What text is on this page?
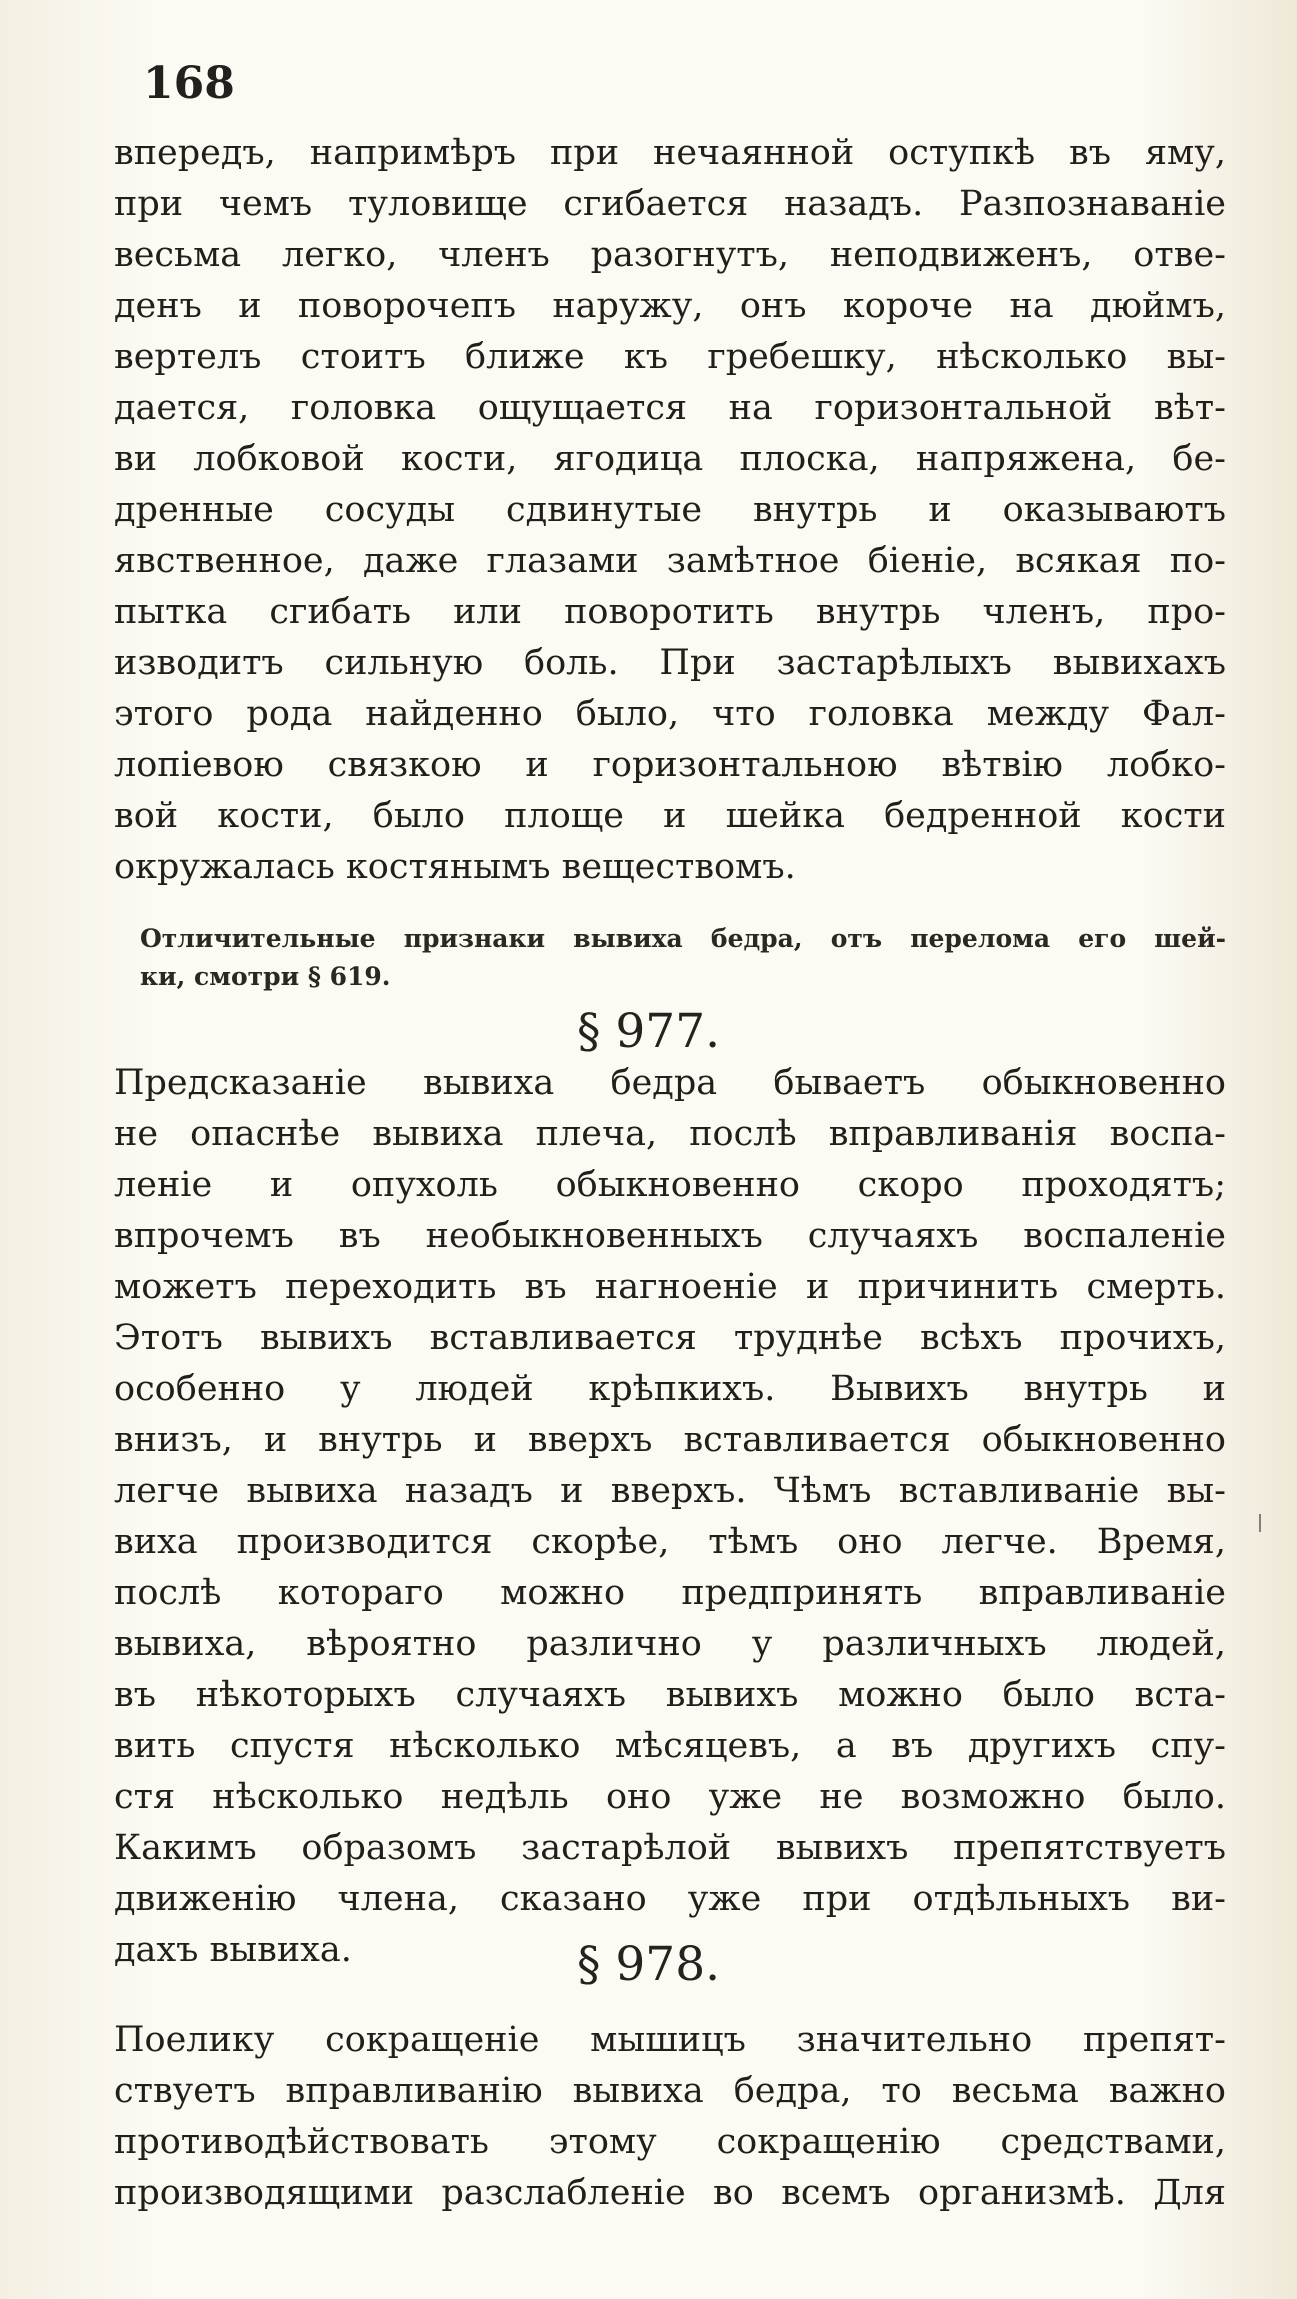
168
впередъ, напримѣръ при нечаянной оступкѣ въ яму,
при чемъ туловище сгибается назадъ. Разпознаванiе
весьма легко, членъ разогнутъ, неподвиженъ, отве-
денъ и поворочепъ наружу, онъ короче на дюймъ,
вертелъ стоитъ ближе къ гребешку, нѣсколько вы-
дается, головка ощущается на горизонтальной вѣт-
ви лобковой кости, ягодица плоска, напряжена, бе-
дренные сосуды сдвинутые внутрь и оказываютъ
явственное, даже глазами замѣтное бiенiе, всякая по-
пытка сгибать или поворотить внутрь членъ, про-
изводитъ сильную боль. При застарѣлыхъ вывихахъ
этого рода найденно было, что головка между Фал-
лопiевою связкою и горизонтальною вѣтвiю лобко-
вой кости, было площе и шейка бедренной кости
окружалась костянымъ веществомъ.
Отличительные признаки вывиха бедра, отъ перелома его шей-
ки, смотри § 619.
§ 977.
Предсказанiе вывиха бедра бываетъ обыкновенно
не опаснѣе вывиха плеча, послѣ вправливанiя воспа-
ленiе и опухоль обыкновенно скоро проходятъ;
впрочемъ въ необыкновенныхъ случаяхъ воспаленiе
можетъ переходить въ нагноенiе и причинить смерть.
Этотъ вывихъ вставливается труднѣе всѣхъ прочихъ,
особенно у людей крѣпкихъ. Вывихъ внутрь и
внизъ, и внутрь и вверхъ вставливается обыкновенно
легче вывиха назадъ и вверхъ. Чѣмъ вставливанiе вы-
виха производится скорѣе, тѣмъ оно легче. Время,
послѣ котораго можно предпринять вправливанiе
вывиха, вѣроятно различно у различныхъ людей,
въ нѣкоторыхъ случаяхъ вывихъ можно было вста-
вить спустя нѣсколько мѣсяцевъ, а въ другихъ спу-
стя нѣсколько недѣль оно уже не возможно было.
Какимъ образомъ застарѣлой вывихъ препятствуетъ
движенiю члена, сказано уже при отдѣльныхъ ви-
дахъ вывиха.	§ 978.
Поелику сокращенiе мышицъ значительно препят-
ствуетъ вправливанiю вывиха бедра, то весьма важно
противодѣйствовать этому сокращенiю средствами,
производящими разслабленiе во всемъ организмѣ. Для
